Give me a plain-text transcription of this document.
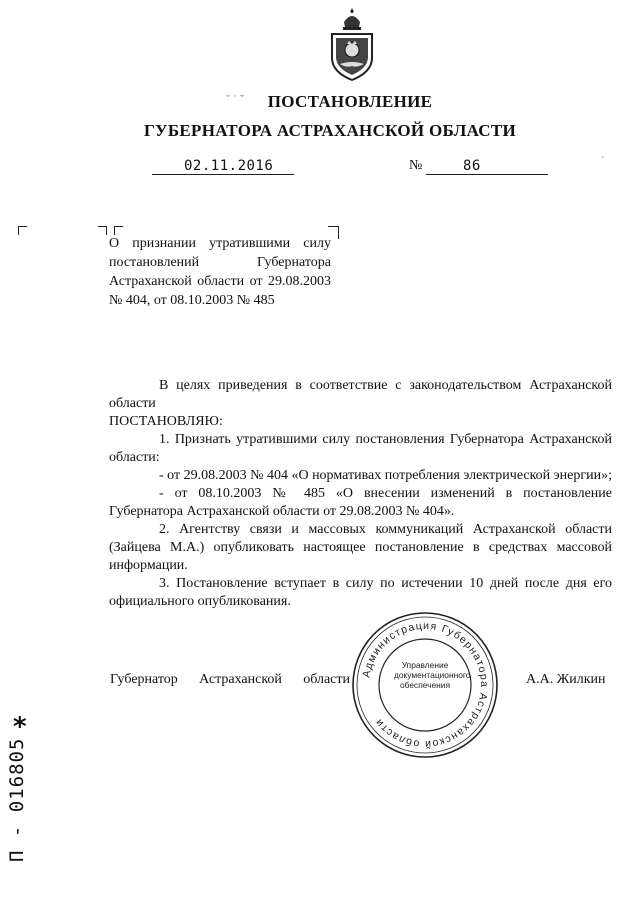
˘ ˙ ˇ	ПОСТАНОВЛЕНИЕ
ГУБЕРНАТОРА АСТРАХАНСКОЙ ОБЛАСТИ
02.11.2016	№	86	ˊ
О признании утратившими силу постановлений Губернатора Астраханской области от 29.08.2003 № 404, от 08.10.2003 № 485

В целях приведения в соответствие с законодательством Астраханской области

ПОСТАНОВЛЯЮ:

1. Признать утратившими силу постановления Губернатора Астраханской области:

- от 29.08.2003 № 404 «О нормативах потребления электрической энергии»;

- от 08.10.2003 № 485 «О внесении изменений в постановление Губернатора Астраханской области от 29.08.2003 № 404».

2. Агентству связи и массовых коммуникаций Астраханской области (Зайцева М.А.) опубликовать настоящее постановление в средствах массовой информации.

3. Постановление вступает в силу по истечении 10 дней после дня его официального опубликования.

Губернатор Астраханской области	А.А. Жилкин
Администрация Губернатора Астраханской области
Управление
документационного
обеспечения
*
П - 016805
